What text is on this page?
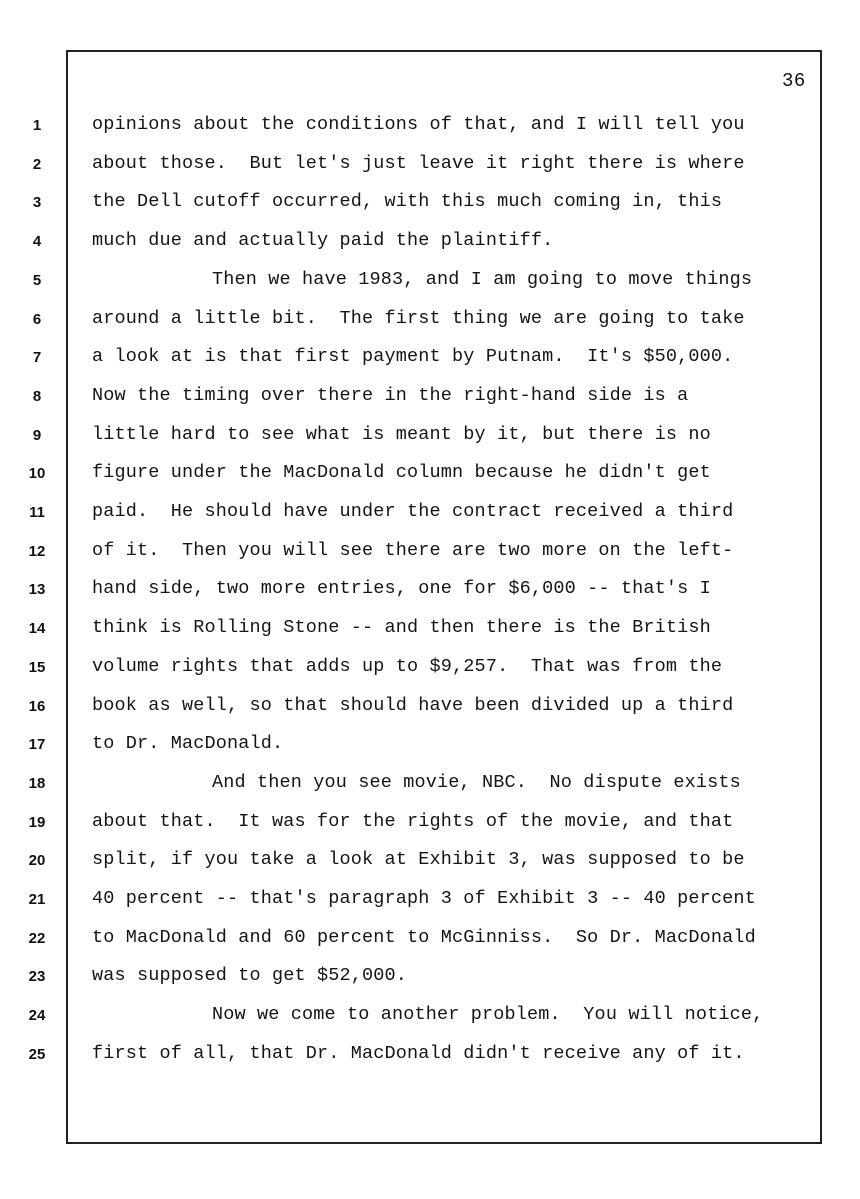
36
1
2
3
4
5
6
7
8
9
10
11
12
13
14
15
16
17
18
19
20
21
22
23
24
25
opinions about the conditions of that, and I will tell you
about those.  But let's just leave it right there is where
the Dell cutoff occurred, with this much coming in, this
much due and actually paid the plaintiff.
Then we have 1983, and I am going to move things
around a little bit.  The first thing we are going to take
a look at is that first payment by Putnam.  It's $50,000.
Now the timing over there in the right-hand side is a
little hard to see what is meant by it, but there is no
figure under the MacDonald column because he didn't get
paid.  He should have under the contract received a third
of it.  Then you will see there are two more on the left-
hand side, two more entries, one for $6,000 -- that's I
think is Rolling Stone -- and then there is the British
volume rights that adds up to $9,257.  That was from the
book as well, so that should have been divided up a third
to Dr. MacDonald.
And then you see movie, NBC.  No dispute exists
about that.  It was for the rights of the movie, and that
split, if you take a look at Exhibit 3, was supposed to be
40 percent -- that's paragraph 3 of Exhibit 3 -- 40 percent
to MacDonald and 60 percent to McGinniss.  So Dr. MacDonald
was supposed to get $52,000.
Now we come to another problem.  You will notice,
first of all, that Dr. MacDonald didn't receive any of it.
